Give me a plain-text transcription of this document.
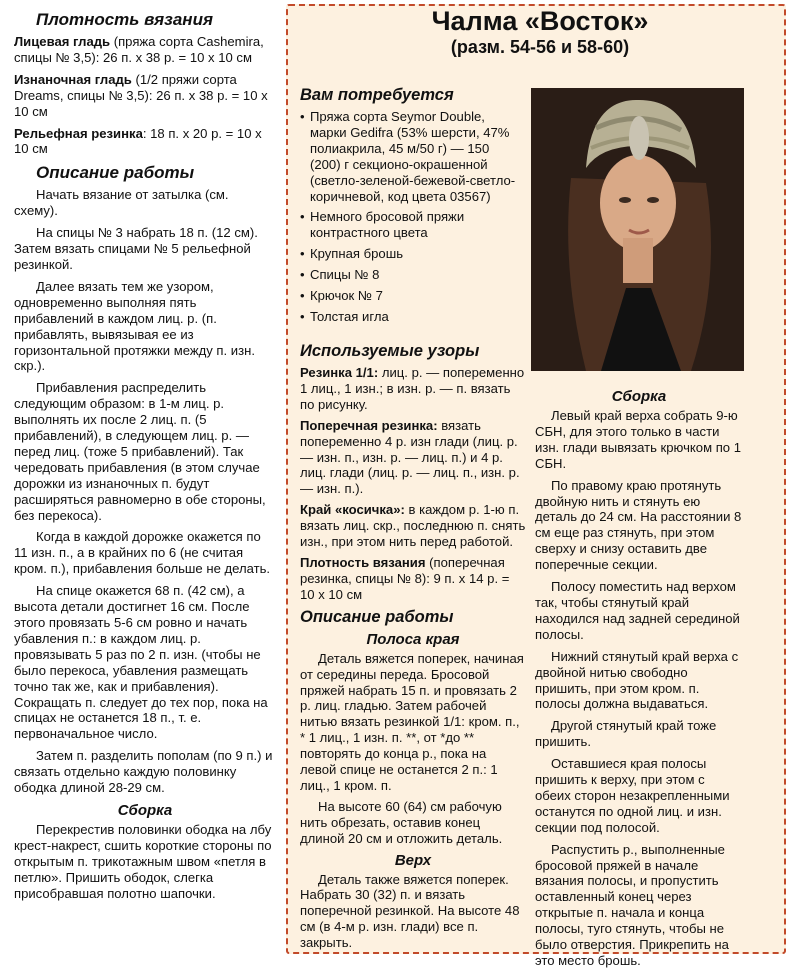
Плотность вязания

Лицевая гладь (пряжа сорта Cashemira, спицы № 3,5): 26 п. х 38 р. = 10 х 10 см

Изнаночная гладь (1/2 пряжи сорта Dreams, спицы № 3,5): 26 п. х 38 р. = 10 х 10 см

Рельефная резинка: 18 п. х 20 р. = 10 х 10 см

Описание работы

Начать вязание от затылка (см. схему).

На спицы № 3 набрать 18 п. (12 см). Затем вязать спицами № 5 рельефной резинкой.

Далее вязать тем же узором, одновременно выполняя пять прибавлений в каждом лиц. р. (п. прибавлять, вывязывая ее из горизонтальной протяжки между п. изн. скр.).

Прибавления распределить следующим образом: в 1-м лиц. р. выполнять их после 2 лиц. п. (5 прибавлений), в следующем лиц. р. — перед лиц. (тоже 5 прибавлений). Так чередовать прибавления (в этом случае дорожки из изнаночных п. будут расширяться равномерно в обе стороны, без перекоса).

Когда в каждой дорожке окажется по 11 изн. п., а в крайних по 6 (не считая кром. п.), прибавления больше не делать.

На спице окажется 68 п. (42 см), а высота детали достигнет 16 см. После этого провязать 5-6 см ровно и начать убавления п.: в каждом лиц. р. провязывать 5 раз по 2 п. изн. (чтобы не было перекоса, убавления размещать точно так же, как и прибавления). Сокращать п. следует до тех пор, пока на спицах не останется 18 п., т. е. первоначальное число.

Затем п. разделить пополам (по 9 п.) и связать отдельно каждую половинку ободка длиной 28-29 см.

Сборка

Перекрестив половинки ободка на лбу крест-накрест, сшить короткие стороны по открытым п. трикотажным швом «петля в петлю». Пришить ободок, слегка присобравшая полотно шапочки.

Чалма «Восток»
(разм. 54-56 и 58-60)
Вам потребуется
• Пряжа сорта Seymor Double, марки Gedifra (53% шерсти, 47% полиакрила, 45 м/50 г) — 150 (200) г секционо-окрашенной (светло-зеленой-бежевой-светло-коричневой, код цвета 03567)
• Немного бросовой пряжи контрастного цвета
• Крупная брошь
• Спицы № 8
• Крючок № 7
• Толстая игла
Используемые узоры

Резинка 1/1: лиц. р. — попеременно 1 лиц., 1 изн.; в изн. р. — п. вязать по рисунку.

Поперечная резинка: вязать попеременно 4 р. изн глади (лиц. р. — изн. п., изн. р. — лиц. п.) и 4 р. лиц. глади (лиц. р. — лиц. п., изн. р. — изн. п.).

Край «косичка»: в каждом р. 1-ю п. вязать лиц. скр., последнюю п. снять изн., при этом нить перед работой.

Плотность вязания (поперечная резинка, спицы № 8): 9 п. х 14 р. = 10 х 10 см

Описание работы
Полоса края

Деталь вяжется поперек, начиная от середины переда. Бросовой пряжей набрать 15 п. и провязать 2 р. лиц. гладью. Затем рабочей нитью вязать резинкой 1/1: кром. п., * 1 лиц., 1 изн. п. **, от *до ** повторять до конца р., пока на левой спице не останется 2 п.: 1 лиц., 1 кром. п.

На высоте 60 (64) см рабочую нить обрезать, оставив конец длиной 20 см и отложить деталь.

Верх

Деталь также вяжется поперек. Набрать 30 (32) п. и вязать поперечной резинкой. На высоте 48 см (в 4-м р. изн. глади) все п. закрыть.

Сборка

Левый край верха собрать 9-ю СБН, для этого только в части изн. глади вывязать крючком по 1 СБН.

По правому краю протянуть двойную нить и стянуть ею деталь до 24 см. На расстоянии 8 см еще раз стянуть, при этом сверху и снизу оставить две поперечные секции.

Полосу поместить над верхом так, чтобы стянутый край находился над задней серединой полосы.

Нижний стянутый край верха с двойной нитью свободно пришить, при этом кром. п. полосы должна выдаваться.

Другой стянутый край тоже пришить.

Оставшиеся края полосы пришить к верху, при этом с обеих сторон незакрепленными останутся по одной лиц. и изн. секции под полосой.

Распустить р., выполненные бросовой пряжей в начале вязания полосы, и пропустить оставленный конец через открытые п. начала и конца полосы, туго стянуть, чтобы не было отверстия. Прикрепить на это место брошь.
